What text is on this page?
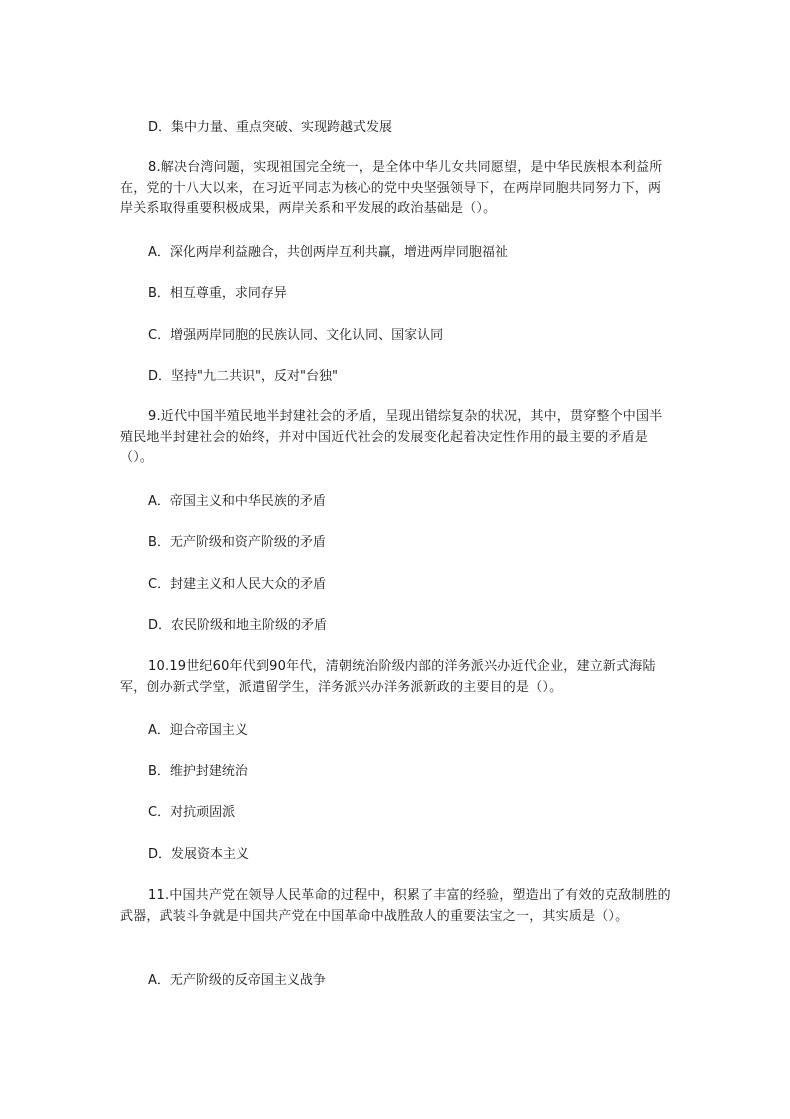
D．集中力量、重点突破、实现跨越式发展
8.解决台湾问题，实现祖国完全统一，是全体中华儿女共同愿望，是中华民族根本利益所在，党的十八大以来，在习近平同志为核心的党中央坚强领导下，在两岸同胞共同努力下，两岸关系取得重要积极成果，两岸关系和平发展的政治基础是（）。
A．深化两岸利益融合，共创两岸互利共赢，增进两岸同胞福祉
B．相互尊重，求同存异
C．增强两岸同胞的民族认同、文化认同、国家认同
D．坚持"九二共识"，反对"台独"
9.近代中国半殖民地半封建社会的矛盾，呈现出错综复杂的状况，其中，贯穿整个中国半殖民地半封建社会的始终，并对中国近代社会的发展变化起着决定性作用的最主要的矛盾是（）。
A．帝国主义和中华民族的矛盾
B．无产阶级和资产阶级的矛盾
C．封建主义和人民大众的矛盾
D．农民阶级和地主阶级的矛盾
10.19世纪60年代到90年代，清朝统治阶级内部的洋务派兴办近代企业，建立新式海陆军，创办新式学堂，派遣留学生，洋务派兴办洋务派新政的主要目的是（）。
A．迎合帝国主义
B．维护封建统治
C．对抗顽固派
D．发展资本主义
11.中国共产党在领导人民革命的过程中，积累了丰富的经验，塑造出了有效的克敌制胜的武器，武装斗争就是中国共产党在中国革命中战胜敌人的重要法宝之一，其实质是（）。
A．无产阶级的反帝国主义战争
